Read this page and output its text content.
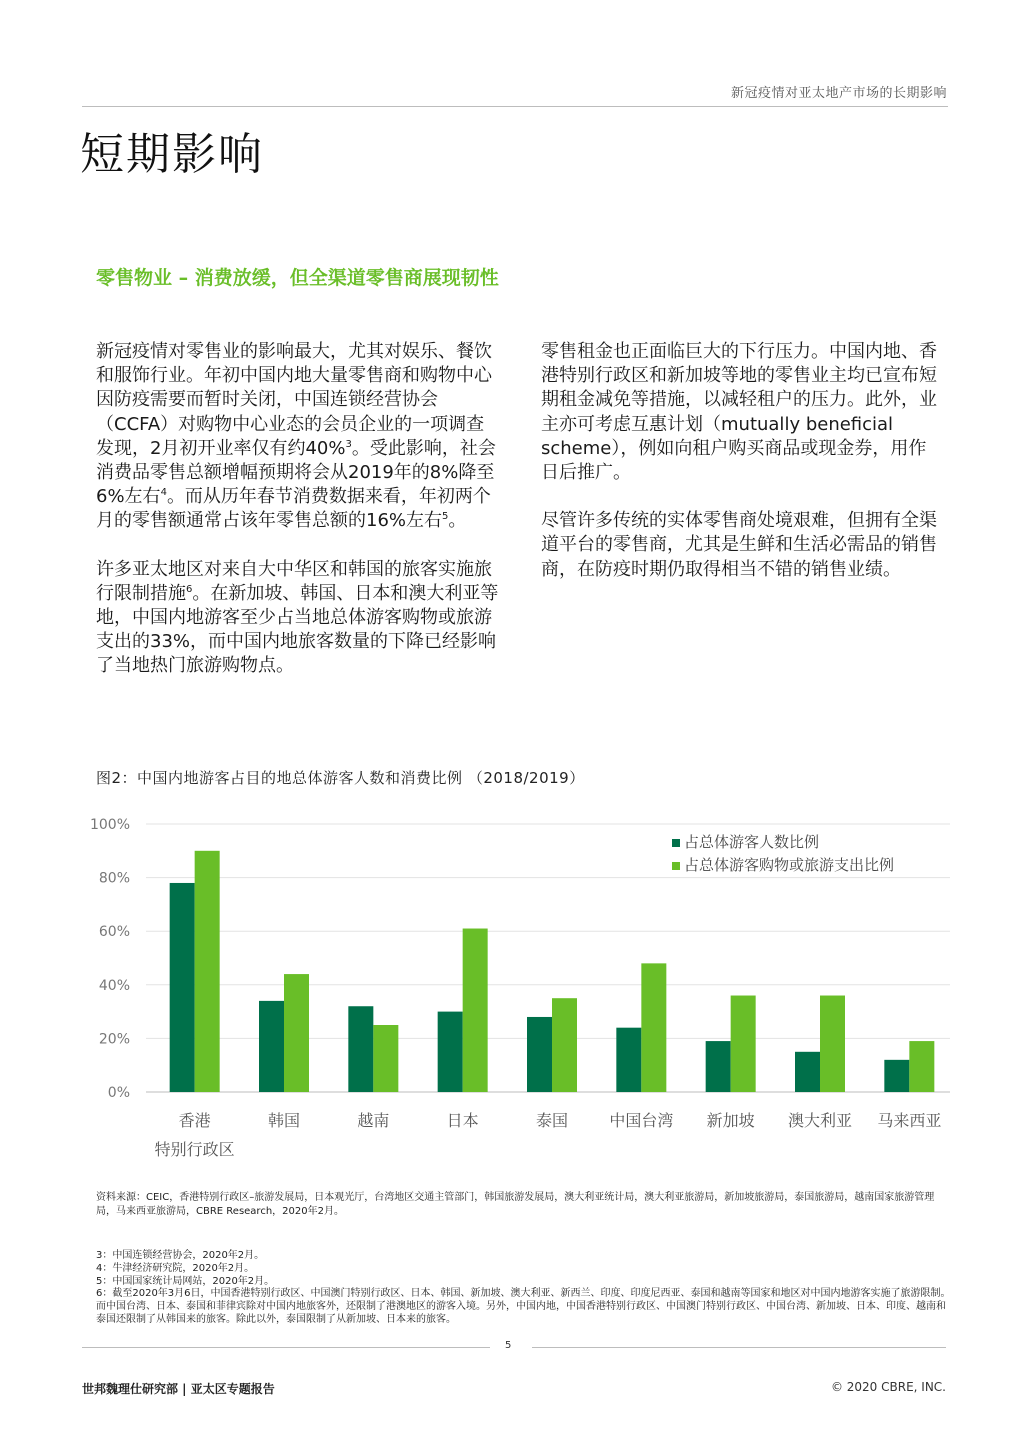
新冠疫情对亚太地产市场的长期影响
短期影响
零售物业 – 消费放缓，但全渠道零售商展现韧性

新冠疫情对零售业的影响最大，尤其对娱乐、餐饮和服饰行业。年初中国内地大量零售商和购物中心因防疫需要而暂时关闭，中国连锁经营协会（CCFA）对购物中心业态的会员企业的一项调查发现，2月初开业率仅有约40%$^3$。受此影响，社会消费品零售总额增幅预期将会从2019年的8%降至6%左右$^4$。而从历年春节消费数据来看，年初两个月的零售额通常占该年零售总额的16%左右$^5$。

许多亚太地区对来自大中华区和韩国的旅客实施旅行限制措施$^6$。在新加坡、韩国、日本和澳大利亚等地，中国内地游客至少占当地总体游客购物或旅游支出的33%，而中国内地旅客数量的下降已经影响了当地热门旅游购物点。

零售租金也正面临巨大的下行压力。中国内地、香港特别行政区和新加坡等地的零售业主均已宣布短期租金减免等措施，以减轻租户的压力。此外，业主亦可考虑互惠计划（mutually beneficial scheme），例如向租户购买商品或现金券，用作日后推广。

尽管许多传统的实体零售商处境艰难，但拥有全渠道平台的零售商，尤其是生鲜和生活必需品的销售商，在防疫时期仍取得相当不错的销售业绩。

图2：中国内地游客占目的地总体游客人数和消费比例 （2018/2019）
0%
20%
40%
60%
80%
100%
香港
特别行政区
韩国	越南	日本	泰国	中国台湾 新加坡 澳大利亚 马来西亚
占总体游客人数比例
占总体游客购物或旅游支出比例
资料来源：CEIC，香港特别行政区–旅游发展局，日本观光厅，台湾地区交通主管部门，韩国旅游发展局，澳大利亚统计局，澳大利亚旅游局，新加坡旅游局，泰国旅游局，越南国家旅游管理局，马来西亚旅游局，CBRE Research，2020年2月。
3：中国连锁经营协会，2020年2月。
4：牛津经济研究院，2020年2月。
5：中国国家统计局网站，2020年2月。
6：截至2020年3月6日，中国香港特别行政区、中国澳门特别行政区、日本、韩国、新加坡、澳大利亚、新西兰、印度、印度尼西亚、泰国和越南等国家和地区对中国内地游客实施了旅游限制。而中国台湾、日本、泰国和菲律宾除对中国内地旅客外，还限制了港澳地区的游客入境。另外，中国内地，中国香港特别行政区、中国澳门特别行政区、中国台湾、新加坡、日本、印度、越南和泰国还限制了从韩国来的旅客。除此以外，泰国限制了从新加坡、日本来的旅客。
5
世邦魏理仕研究部 | 亚太区专题报告	© 2020 CBRE, INC.
